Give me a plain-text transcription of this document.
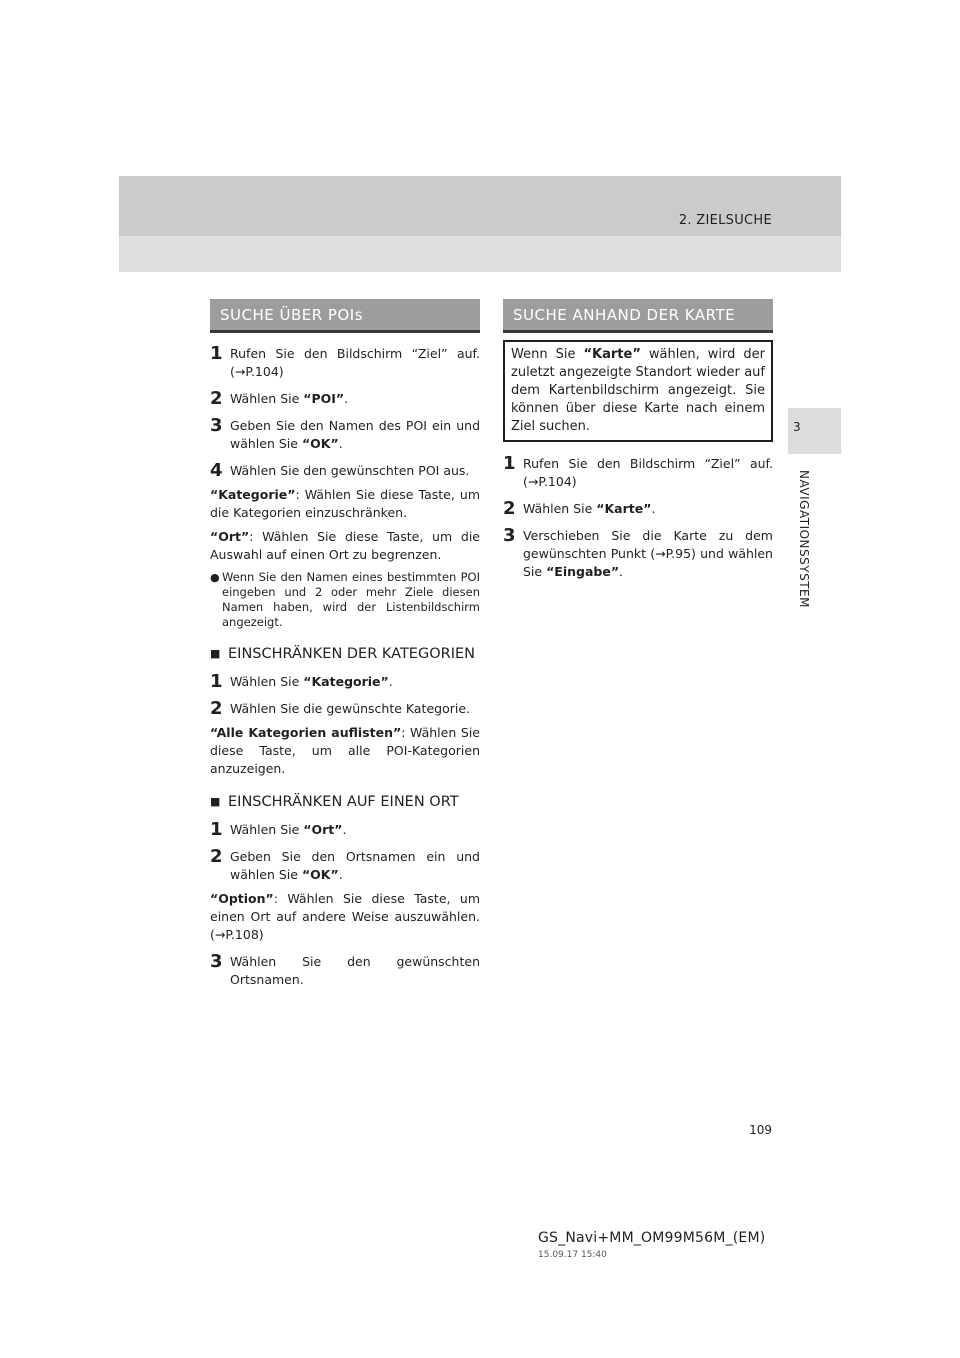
2. ZIELSUCHE
3
NAVIGATIONSSYSTEM
SUCHE ÜBER POIs	SUCHE ANHAND DER KARTE
1 Rufen Sie den Bildschirm “Ziel” auf. (→P.104)
2 Wählen Sie “POI”.
3 Geben Sie den Namen des POI ein und wählen Sie “OK”.
4 Wählen Sie den gewünschten POI aus.
“Kategorie”: Wählen Sie diese Taste, um die Kategorien einzuschränken.
“Ort”: Wählen Sie diese Taste, um die Auswahl auf einen Ort zu begrenzen.
● Wenn Sie den Namen eines bestimmten POI eingeben und 2 oder mehr Ziele diesen Namen haben, wird der Listenbildschirm angezeigt.
■ EINSCHRÄNKEN DER KATEGORIEN
1 Wählen Sie “Kategorie”.
2 Wählen Sie die gewünschte Kategorie.
“Alle Kategorien auflisten”: Wählen Sie diese Taste, um alle POI-Kategorien anzuzeigen.
■ EINSCHRÄNKEN AUF EINEN ORT
1 Wählen Sie “Ort”.
2 Geben Sie den Ortsnamen ein und wählen Sie “OK”.
“Option”: Wählen Sie diese Taste, um einen Ort auf andere Weise auszuwählen. (→P.108)
3 Wählen Sie den gewünschten Ortsnamen.
Wenn Sie “Karte” wählen, wird der zuletzt angezeigte Standort wieder auf dem Kartenbildschirm angezeigt. Sie können über diese Karte nach einem Ziel suchen.
1 Rufen Sie den Bildschirm “Ziel” auf. (→P.104)
2 Wählen Sie “Karte”.
3 Verschieben Sie die Karte zu dem gewünschten Punkt (→P.95) und wählen Sie “Eingabe”.
109
GS_Navi+MM_OM99M56M_(EM)
15.09.17 15:40
